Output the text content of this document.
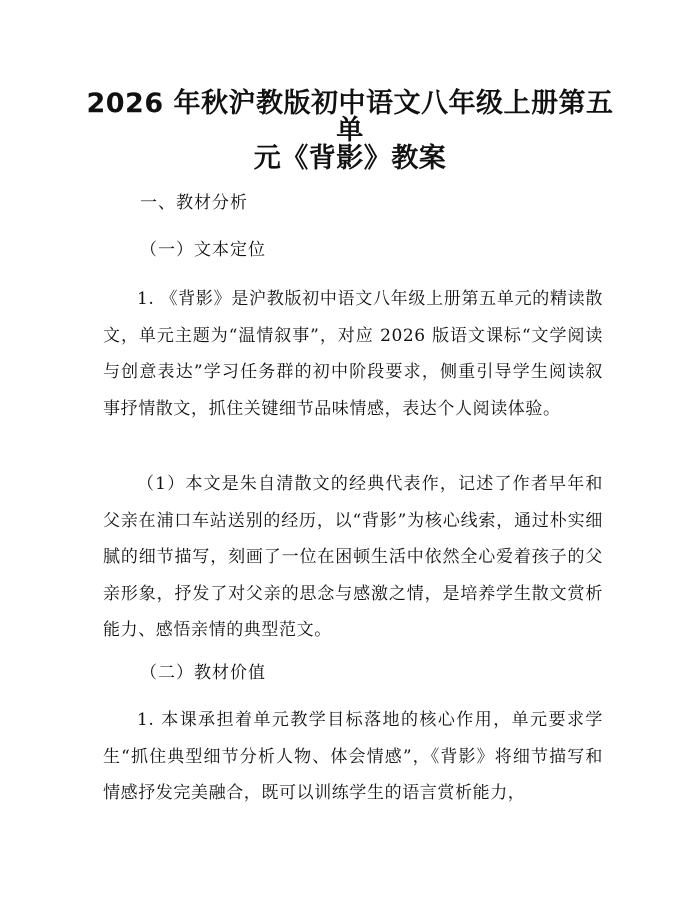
2026 年秋沪教版初中语文八年级上册第五单
元《背影》教案

一、教材分析

（一）文本定位

1. 《背影》是沪教版初中语文八年级上册第五单元的精读散文，单元主题为“温情叙事”，对应 2026 版语文课标“文学阅读与创意表达”学习任务群的初中阶段要求，侧重引导学生阅读叙事抒情散文，抓住关键细节品味情感，表达个人阅读体验。

（1）本文是朱自清散文的经典代表作，记述了作者早年和父亲在浦口车站送别的经历，以“背影”为核心线索，通过朴实细腻的细节描写，刻画了一位在困顿生活中依然全心爱着孩子的父亲形象，抒发了对父亲的思念与感激之情，是培养学生散文赏析能力、感悟亲情的典型范文。

（二）教材价值

1. 本课承担着单元教学目标落地的核心作用，单元要求学生“抓住典型细节分析人物、体会情感”，《背影》将细节描写和情感抒发完美融合，既可以训练学生的语言赏析能力，
